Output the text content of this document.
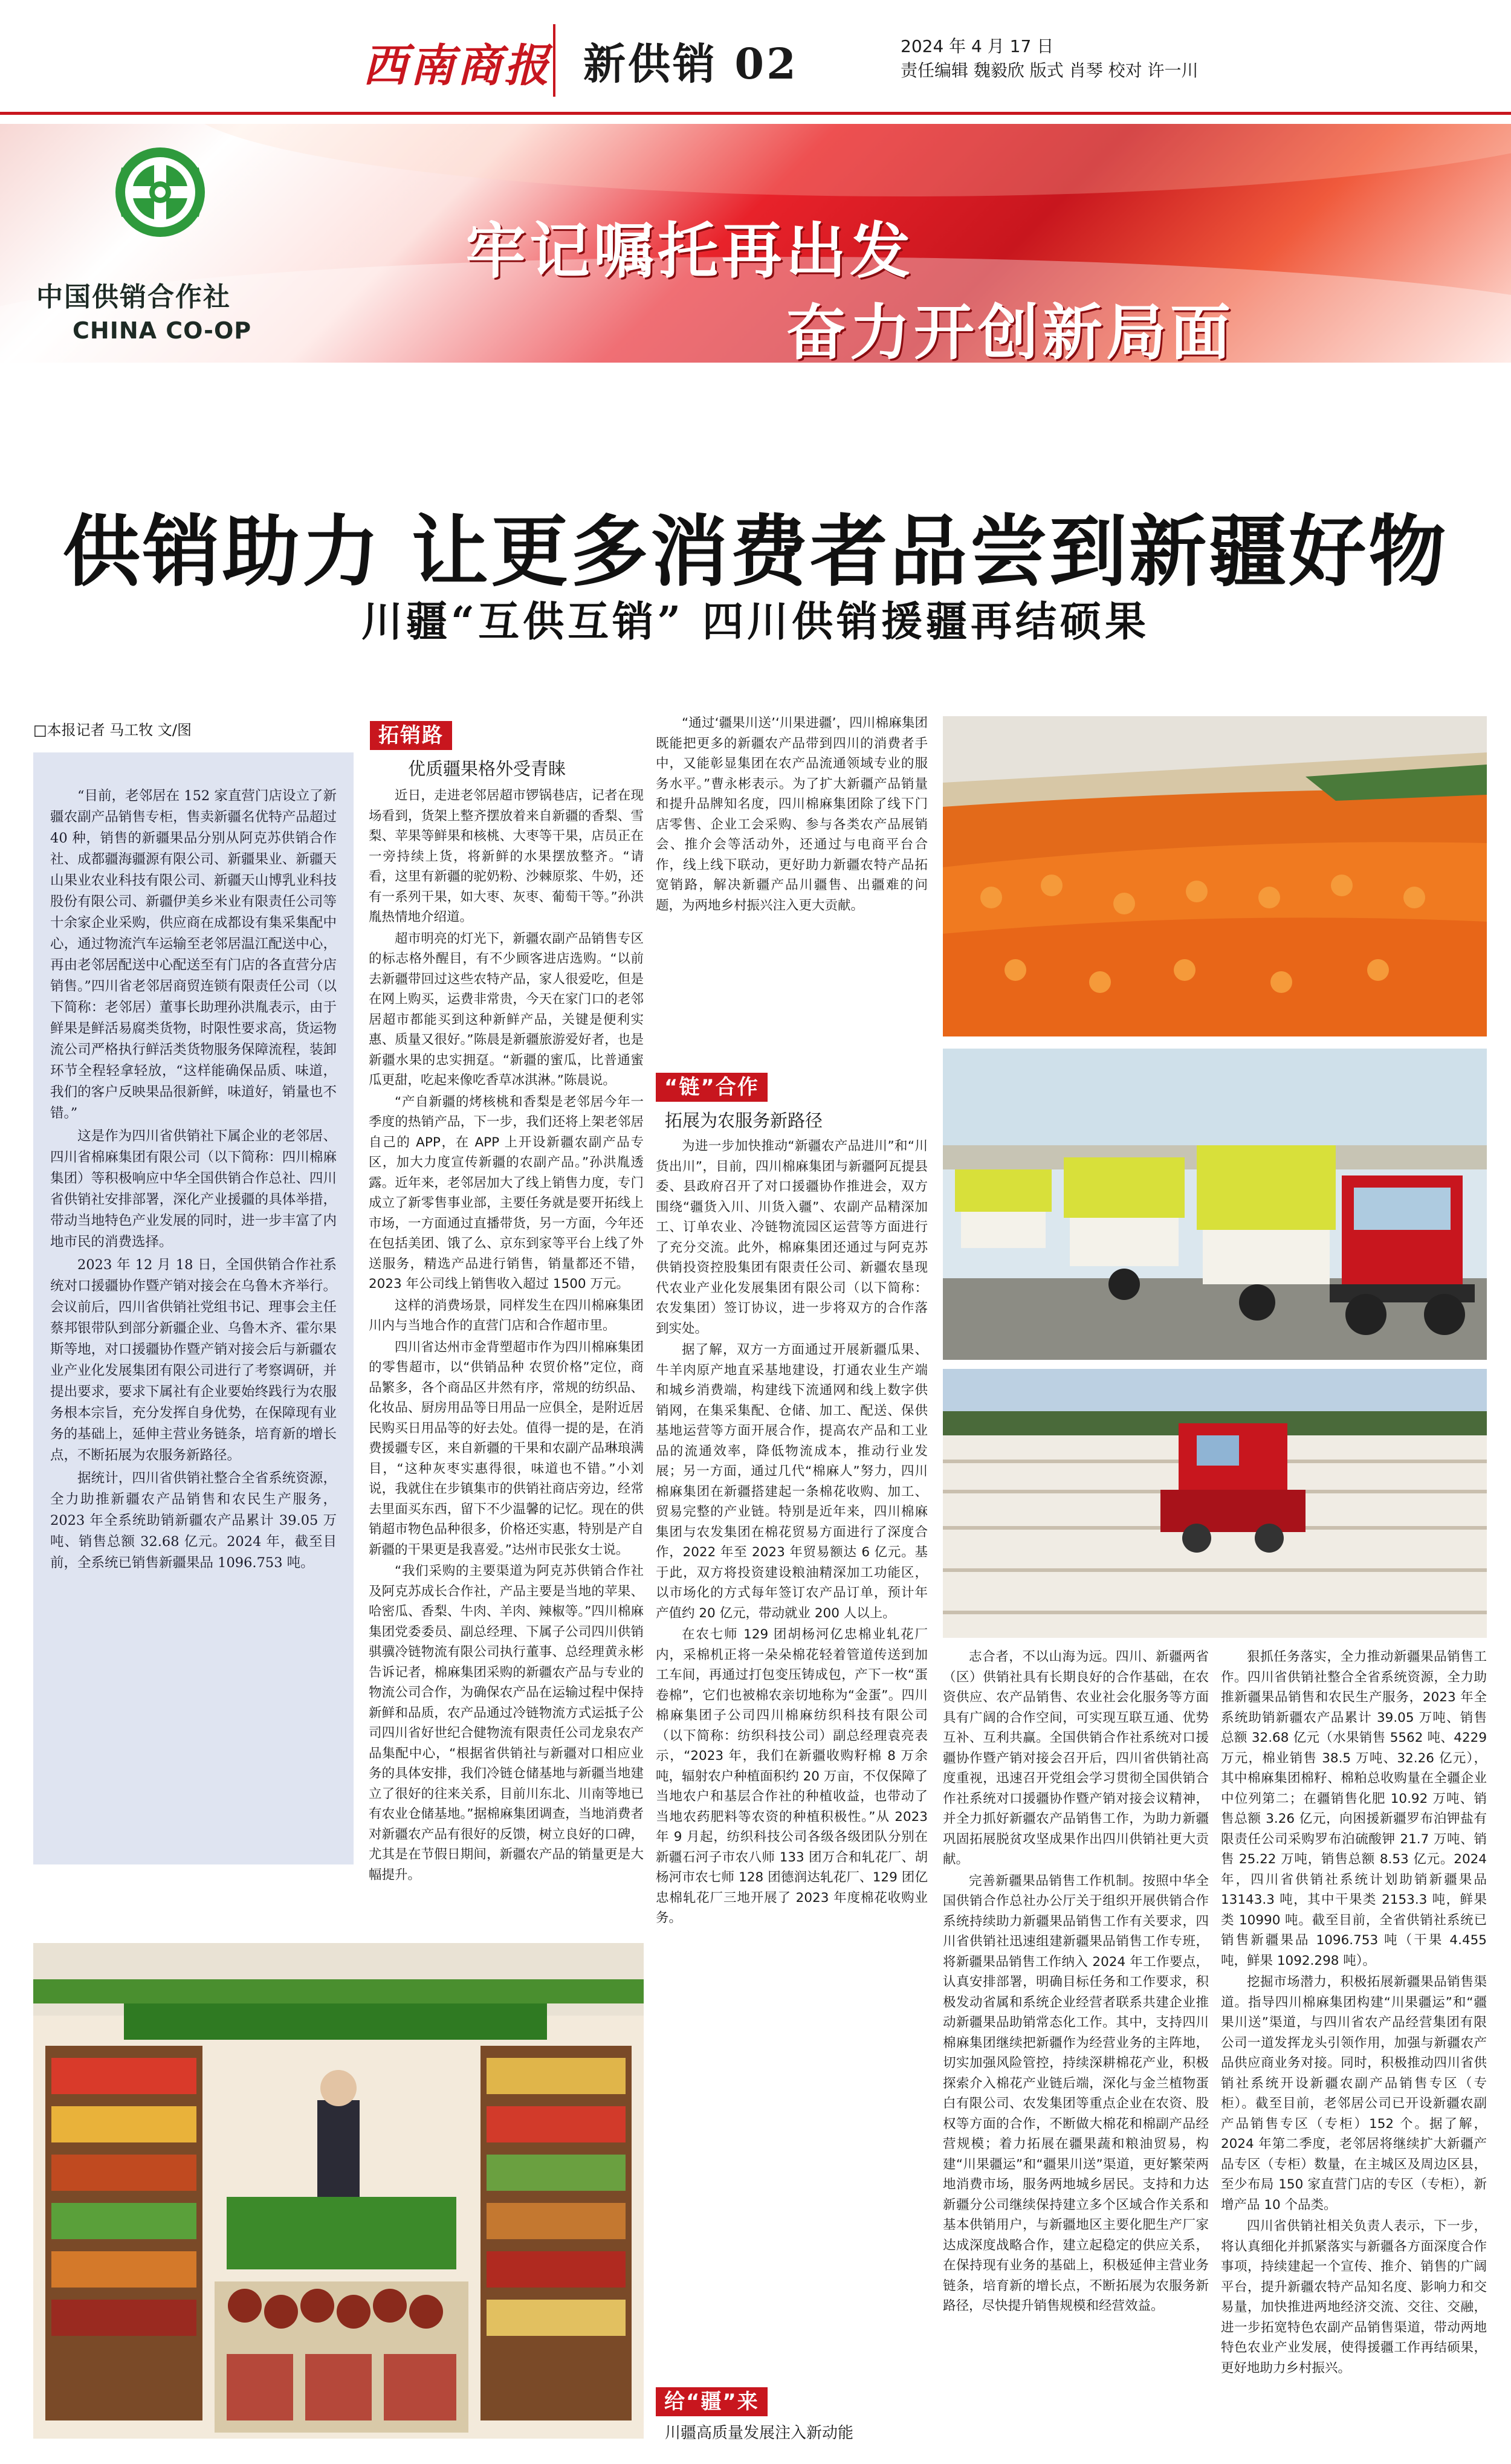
西南商报 新供销 02	2024 年 4 月 17 日
责任编辑 魏毅欣 版式 肖琴 校对 许一川
中国供销合作社
CHINA CO-OP
牢记嘱托再出发
奋力开创新局面
供销助力 让更多消费者品尝到新疆好物
川疆“互供互销” 四川供销援疆再结硕果
□本报记者 马工牧 文/图

“目前，老邻居在 152 家直营门店设立了新疆农副产品销售专柜，售卖新疆名优特产品超过 40 种，销售的新疆果品分别从阿克苏供销合作社、成都疆海疆源有限公司、新疆果业、新疆天山果业农业科技有限公司、新疆天山博乳业科技股份有限公司、新疆伊美乡米业有限责任公司等十余家企业采购，供应商在成都设有集采集配中心，通过物流汽车运输至老邻居温江配送中心，再由老邻居配送中心配送至有门店的各直营分店销售。”四川省老邻居商贸连锁有限责任公司（以下简称：老邻居）董事长助理孙洪胤表示，由于鲜果是鲜活易腐类货物，时限性要求高，货运物流公司严格执行鲜活类货物服务保障流程，装卸环节全程轻拿轻放，“这样能确保品质、味道，我们的客户反映果品很新鲜，味道好，销量也不错。”

这是作为四川省供销社下属企业的老邻居、四川省棉麻集团有限公司（以下简称：四川棉麻集团）等积极响应中华全国供销合作总社、四川省供销社安排部署，深化产业援疆的具体举措，带动当地特色产业发展的同时，进一步丰富了内地市民的消费选择。

2023 年 12 月 18 日，全国供销合作社系统对口援疆协作暨产销对接会在乌鲁木齐举行。会议前后，四川省供销社党组书记、理事会主任蔡邦银带队到部分新疆企业、乌鲁木齐、霍尔果斯等地，对口援疆协作暨产销对接会后与新疆农业产业化发展集团有限公司进行了考察调研，并提出要求，要求下属社有企业要始终践行为农服务根本宗旨，充分发挥自身优势，在保障现有业务的基础上，延伸主营业务链条，培育新的增长点，不断拓展为农服务新路径。

据统计，四川省供销社整合全省系统资源，全力助推新疆农产品销售和农民生产服务，2023 年全系统助销新疆农产品累计 39.05 万吨、销售总额 32.68 亿元。2024 年，截至目前，全系统已销售新疆果品 1096.753 吨。

拓销路
优质疆果格外受青睐

近日，走进老邻居超市锣锅巷店，记者在现场看到，货架上整齐摆放着来自新疆的香梨、雪梨、苹果等鲜果和核桃、大枣等干果，店员正在一旁持续上货，将新鲜的水果摆放整齐。“请看，这里有新疆的驼奶粉、沙棘原浆、牛奶，还有一系列干果，如大枣、灰枣、葡萄干等。”孙洪胤热情地介绍道。

超市明亮的灯光下，新疆农副产品销售专区的标志格外醒目，有不少顾客进店选购。“以前去新疆带回过这些农特产品，家人很爱吃，但是在网上购买，运费非常贵，今天在家门口的老邻居超市都能买到这种新鲜产品，关键是便利实惠、质量又很好。”陈晨是新疆旅游爱好者，也是新疆水果的忠实拥趸。“新疆的蜜瓜，比普通蜜瓜更甜，吃起来像吃香草冰淇淋。”陈晨说。

“产自新疆的烤核桃和香梨是老邻居今年一季度的热销产品，下一步，我们还将上架老邻居自己的 APP，在 APP 上开设新疆农副产品专区，加大力度宣传新疆的农副产品。”孙洪胤透露。近年来，老邻居加大了线上销售力度，专门成立了新零售事业部，主要任务就是要开拓线上市场，一方面通过直播带货，另一方面，今年还在包括美团、饿了么、京东到家等平台上线了外送服务，精选产品进行销售，销量都还不错，2023 年公司线上销售收入超过 1500 万元。

这样的消费场景，同样发生在四川棉麻集团川内与当地合作的直营门店和合作超市里。

四川省达州市金背塑超市作为四川棉麻集团的零售超市，以“供销品种 农贸价格”定位，商品繁多，各个商品区井然有序，常规的纺织品、化妆品、厨房用品等日用品一应俱全，是附近居民购买日用品等的好去处。值得一提的是，在消费援疆专区，来自新疆的干果和农副产品琳琅满目，“这种灰枣实惠得很，味道也不错。”小刘说，我就住在步镇集市的供销社商店旁边，经常去里面买东西，留下不少温馨的记忆。现在的供销超市物色品种很多，价格还实惠，特别是产自新疆的干果更是我喜爱。”达州市民张女士说。

“我们采购的主要渠道为阿克苏供销合作社及阿克苏成长合作社，产品主要是当地的苹果、哈密瓜、香梨、牛肉、羊肉、辣椒等。”四川棉麻集团党委委员、副总经理、下属子公司四川供销骐骥冷链物流有限公司执行董事、总经理黄永彬告诉记者，棉麻集团采购的新疆农产品与专业的物流公司合作，为确保农产品在运输过程中保持新鲜和品质，农产品通过冷链物流方式运抵子公司四川省好世纪合健物流有限责任公司龙泉农产品集配中心，“根据省供销社与新疆对口相应业务的具体安排，我们冷链仓储基地与新疆当地建立了很好的往来关系，目前川东北、川南等地已有农业仓储基地。”据棉麻集团调查，当地消费者对新疆农产品有很好的反馈，树立良好的口碑，尤其是在节假日期间，新疆农产品的销量更是大幅提升。

“通过‘疆果川送’‘川果进疆’，四川棉麻集团既能把更多的新疆农产品带到四川的消费者手中，又能彰显集团在农产品流通领域专业的服务水平。”曹永彬表示。为了扩大新疆产品销量和提升品牌知名度，四川棉麻集团除了线下门店零售、企业工会采购、参与各类农产品展销会、推介会等活动外，还通过与电商平台合作，线上线下联动，更好助力新疆农特产品拓宽销路，解决新疆产品川疆售、出疆难的问题，为两地乡村振兴注入更大贡献。

“链”合作
拓展为农服务新路径

为进一步加快推动“新疆农产品进川”和“川货出川”，目前，四川棉麻集团与新疆阿瓦提县委、县政府召开了对口援疆协作推进会，双方围绕“疆货入川、川货入疆”、农副产品精深加工、订单农业、冷链物流园区运营等方面进行了充分交流。此外，棉麻集团还通过与阿克苏供销投资控股集团有限责任公司、新疆农垦现代农业产业化发展集团有限公司（以下简称：农发集团）签订协议，进一步将双方的合作落到实处。

据了解，双方一方面通过开展新疆瓜果、牛羊肉原产地直采基地建设，打通农业生产端和城乡消费端，构建线下流通网和线上数字供销网，在集采集配、仓储、加工、配送、保供基地运营等方面开展合作，提高农产品和工业品的流通效率，降低物流成本，推动行业发展；另一方面，通过几代“棉麻人”努力，四川棉麻集团在新疆搭建起一条棉花收购、加工、贸易完整的产业链。特别是近年来，四川棉麻集团与农发集团在棉花贸易方面进行了深度合作，2022 年至 2023 年贸易额达 6 亿元。基于此，双方将投资建设粮油精深加工功能区，以市场化的方式每年签订农产品订单，预计年产值约 20 亿元，带动就业 200 人以上。

在农七师 129 团胡杨河亿忠棉业轧花厂内，采棉机正将一朵朵棉花轻着管道传送到加工车间，再通过打包变压铸成包，产下一枚“蛋卷棉”，它们也被棉农亲切地称为“金蛋”。四川棉麻集团子公司四川棉麻纺织科技有限公司（以下简称：纺织科技公司）副总经理袁亮表示，“2023 年，我们在新疆收购籽棉 8 万余吨，辐射农户种植面积约 20 万亩，不仅保障了当地农户和基层合作社的种植收益，也带动了当地农药肥料等农资的种植积极性。”从 2023 年 9 月起，纺织科技公司各级各级团队分别在新疆石河子市农八师 133 团万合和轧花厂、胡杨河市农七师 128 团德润达轧花厂、129 团亿忠棉轧花厂三地开展了 2023 年度棉花收购业务。

志合者，不以山海为远。四川、新疆两省（区）供销社具有长期良好的合作基础，在农资供应、农产品销售、农业社会化服务等方面具有广阔的合作空间，可实现互联互通、优势互补、互利共赢。全国供销合作社系统对口援疆协作暨产销对接会召开后，四川省供销社高度重视，迅速召开党组会学习贯彻全国供销合作社系统对口援疆协作暨产销对接会议精神，并全力抓好新疆农产品销售工作，为助力新疆巩固拓展脱贫攻坚成果作出四川供销社更大贡献。

完善新疆果品销售工作机制。按照中华全国供销合作总社办公厅关于组织开展供销合作系统持续助力新疆果品销售工作有关要求，四川省供销社迅速组建新疆果品销售工作专班，将新疆果品销售工作纳入 2024 年工作要点，认真安排部署，明确目标任务和工作要求，积极发动省属和系统企业经营者联系共建企业推动新疆果品助销常态化工作。其中，支持四川棉麻集团继续把新疆作为经营业务的主阵地，切实加强风险管控，持续深耕棉花产业，积极探索介入棉花产业链后端，深化与金兰植物蛋白有限公司、农发集团等重点企业在农资、股权等方面的合作，不断做大棉花和棉副产品经营规模；着力拓展在疆果蔬和粮油贸易，构建“川果疆运”和“疆果川送”渠道，更好繁荣两地消费市场，服务两地城乡居民。支持和力达新疆分公司继续保持建立多个区域合作关系和基本供销用户，与新疆地区主要化肥生产厂家达成深度战略合作，建立起稳定的供应关系，在保持现有业务的基础上，积极延伸主营业务链条，培育新的增长点，不断拓展为农服务新路径，尽快提升销售规模和经营效益。

狠抓任务落实，全力推动新疆果品销售工作。四川省供销社整合全省系统资源，全力助推新疆果品销售和农民生产服务，2023 年全系统助销新疆农产品累计 39.05 万吨、销售总额 32.68 亿元（水果销售 5562 吨、4229 万元，棉业销售 38.5 万吨、32.26 亿元），其中棉麻集团棉籽、棉粕总收购量在全疆企业中位列第二；在疆销售化肥 10.92 万吨、销售总额 3.26 亿元，向困援新疆罗布泊钾盐有限责任公司采购罗布泊硫酸钾 21.7 万吨、销售 25.22 万吨，销售总额 8.53 亿元。2024 年，四川省供销社系统计划助销新疆果品 13143.3 吨，其中干果类 2153.3 吨，鲜果类 10990 吨。截至目前，全省供销社系统已销售新疆果品 1096.753 吨（干果 4.455 吨，鲜果 1092.298 吨）。

挖掘市场潜力，积极拓展新疆果品销售渠道。指导四川棉麻集团构建“川果疆运”和“疆果川送”渠道，与四川省农产品经营集团有限公司一道发挥龙头引领作用，加强与新疆农产品供应商业务对接。同时，积极推动四川省供销社系统开设新疆农副产品销售专区（专柜）。截至目前，老邻居公司已开设新疆农副产品销售专区（专柜）152 个。据了解，2024 年第二季度，老邻居将继续扩大新疆产品专区（专柜）数量，在主城区及周边区县，至少布局 150 家直营门店的专区（专柜），新增产品 10 个品类。

四川省供销社相关负责人表示，下一步，将认真细化并抓紧落实与新疆各方面深度合作事项，持续建起一个宣传、推介、销售的广阔平台，提升新疆农特产品知名度、影响力和交易量，加快推进两地经济交流、交往、交融，进一步拓宽特色农副产品销售渠道，带动两地特色农业产业发展，使得援疆工作再结硕果，更好地助力乡村振兴。

给“疆”来
川疆高质量发展注入新动能
